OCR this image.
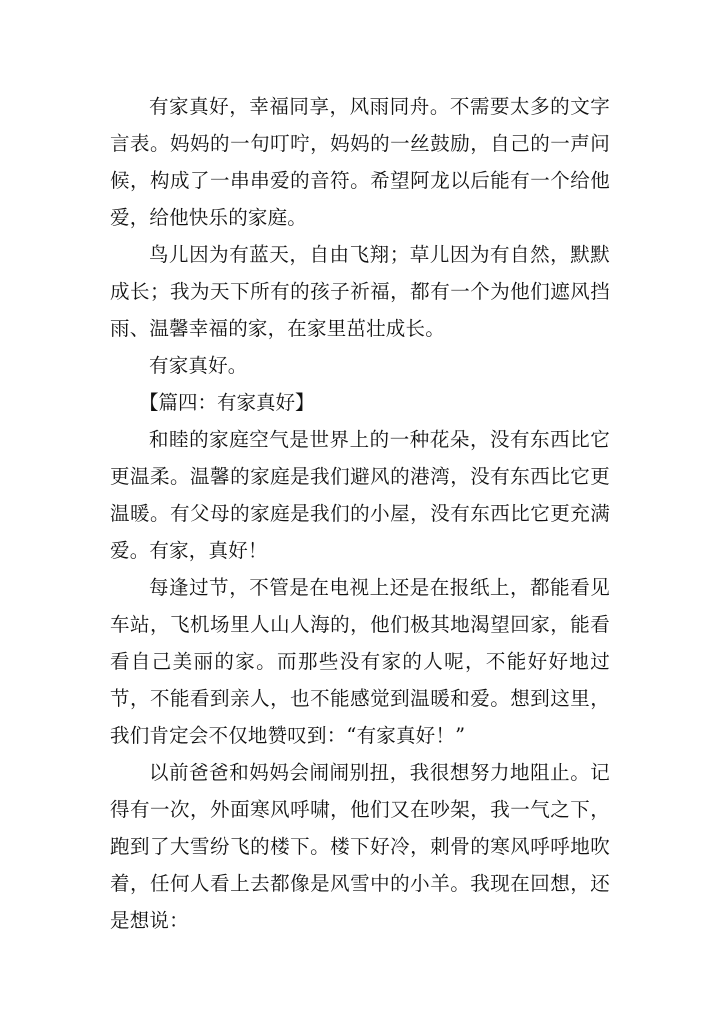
有家真好，幸福同享，风雨同舟。不需要太多的文字言表。妈妈的一句叮咛，妈妈的一丝鼓励，自己的一声问候，构成了一串串爱的音符。希望阿龙以后能有一个给他爱，给他快乐的家庭。

鸟儿因为有蓝天，自由飞翔；草儿因为有自然，默默成长；我为天下所有的孩子祈福，都有一个为他们遮风挡雨、温馨幸福的家，在家里茁壮成长。

有家真好。

【篇四：有家真好】

和睦的家庭空气是世界上的一种花朵，没有东西比它更温柔。温馨的家庭是我们避风的港湾，没有东西比它更温暖。有父母的家庭是我们的小屋，没有东西比它更充满爱。有家，真好！

每逢过节，不管是在电视上还是在报纸上，都能看见车站，飞机场里人山人海的，他们极其地渴望回家，能看看自己美丽的家。而那些没有家的人呢，不能好好地过节，不能看到亲人，也不能感觉到温暖和爱。想到这里，我们肯定会不仅地赞叹到：“有家真好！”

以前爸爸和妈妈会闹闹别扭，我很想努力地阻止。记得有一次，外面寒风呼啸，他们又在吵架，我一气之下，跑到了大雪纷飞的楼下。楼下好冷，刺骨的寒风呼呼地吹着，任何人看上去都像是风雪中的小羊。我现在回想，还是想说：
